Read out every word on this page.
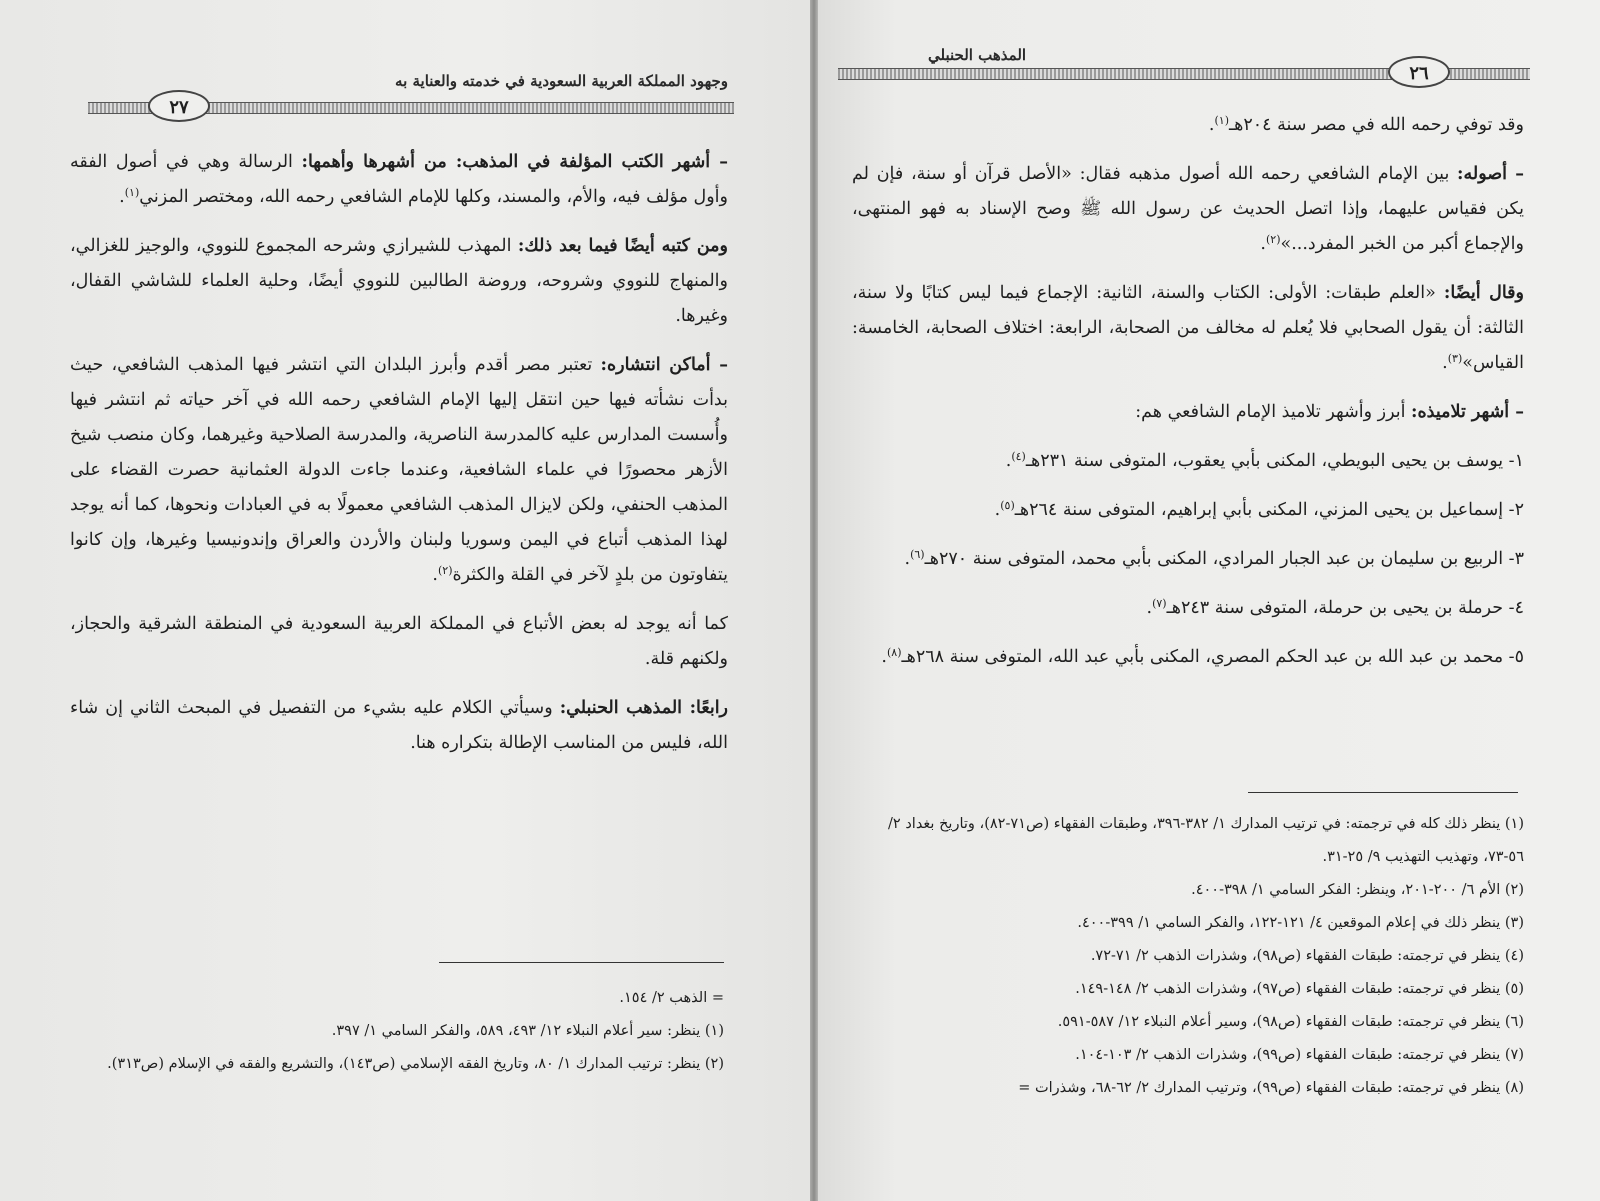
وجهود المملكة العربية السعودية في خدمته والعناية به
٢٧

– أشهر الكتب المؤلفة في المذهب: من أشهرها وأهمها: الرسالة وهي في أصول الفقه وأول مؤلف فيه، والأم، والمسند، وكلها للإمام الشافعي رحمه الله، ومختصر المزني$^{(١)}$.

ومن كتبه أيضًا فيما بعد ذلك: المهذب للشيرازي وشرحه المجموع للنووي، والوجيز للغزالي، والمنهاج للنووي وشروحه، وروضة الطالبين للنووي أيضًا، وحلية العلماء للشاشي القفال، وغيرها.

– أماكن انتشاره: تعتبر مصر أقدم وأبرز البلدان التي انتشر فيها المذهب الشافعي، حيث بدأت نشأته فيها حين انتقل إليها الإمام الشافعي رحمه الله في آخر حياته ثم انتشر فيها وأُسست المدارس عليه كالمدرسة الناصرية، والمدرسة الصلاحية وغيرهما، وكان منصب شيخ الأزهر محصورًا في علماء الشافعية، وعندما جاءت الدولة العثمانية حصرت القضاء على المذهب الحنفي، ولكن لايزال المذهب الشافعي معمولًا به في العبادات ونحوها، كما أنه يوجد لهذا المذهب أتباع في اليمن وسوريا ولبنان والأردن والعراق وإندونيسيا وغيرها، وإن كانوا يتفاوتون من بلدٍ لآخر في القلة والكثرة$^{(٢)}$.

كما أنه يوجد له بعض الأتباع في المملكة العربية السعودية في المنطقة الشرقية والحجاز، ولكنهم قلة.

رابعًا: المذهب الحنبلي: وسيأتي الكلام عليه بشيء من التفصيل في المبحث الثاني إن شاء الله، فليس من المناسب الإطالة بتكراره هنا.

= الذهب ٢/ ١٥٤.

(١) ينظر: سير أعلام النبلاء ١٢/ ٤٩٣، ٥٨٩، والفكر السامي ١/ ٣٩٧.

(٢) ينظر: ترتيب المدارك ١/ ٨٠، وتاريخ الفقه الإسلامي (ص١٤٣)، والتشريع والفقه في الإسلام (ص٣١٣).

المذهب الحنبلي
٢٦

وقد توفي رحمه الله في مصر سنة ٢٠٤هـ$^{(١)}$.

– أصوله: بين الإمام الشافعي رحمه الله أصول مذهبه فقال: «الأصل قرآن أو سنة، فإن لم يكن فقياس عليهما، وإذا اتصل الحديث عن رسول الله ﷺ وصح الإسناد به فهو المنتهى، والإجماع أكبر من الخبر المفرد...»$^{(٢)}$.

وقال أيضًا: «العلم طبقات: الأولى: الكتاب والسنة، الثانية: الإجماع فيما ليس كتابًا ولا سنة، الثالثة: أن يقول الصحابي فلا يُعلم له مخالف من الصحابة، الرابعة: اختلاف الصحابة، الخامسة: القياس»$^{(٣)}$.

– أشهر تلاميذه: أبرز وأشهر تلاميذ الإمام الشافعي هم:

١- يوسف بن يحيى البويطي، المكنى بأبي يعقوب، المتوفى سنة ٢٣١هـ$^{(٤)}$.

٢- إسماعيل بن يحيى المزني، المكنى بأبي إبراهيم، المتوفى سنة ٢٦٤هـ$^{(٥)}$.

٣- الربيع بن سليمان بن عبد الجبار المرادي، المكنى بأبي محمد، المتوفى سنة ٢٧٠هـ$^{(٦)}$.

٤- حرملة بن يحيى بن حرملة، المتوفى سنة ٢٤٣هـ$^{(٧)}$.

٥- محمد بن عبد الله بن عبد الحكم المصري، المكنى بأبي عبد الله، المتوفى سنة ٢٦٨هـ$^{(٨)}$.

(١) ينظر ذلك كله في ترجمته: في ترتيب المدارك ١/ ٣٨٢-٣٩٦، وطبقات الفقهاء (ص٧١-٨٢)، وتاريخ بغداد ٢/ ٥٦-٧٣، وتهذيب التهذيب ٩/ ٢٥-٣١.

(٢) الأم ٦/ ٢٠٠-٢٠١، وينظر: الفكر السامي ١/ ٣٩٨-٤٠٠.

(٣) ينظر ذلك في إعلام الموقعين ٤/ ١٢١-١٢٢، والفكر السامي ١/ ٣٩٩-٤٠٠.

(٤) ينظر في ترجمته: طبقات الفقهاء (ص٩٨)، وشذرات الذهب ٢/ ٧١-٧٢.

(٥) ينظر في ترجمته: طبقات الفقهاء (ص٩٧)، وشذرات الذهب ٢/ ١٤٨-١٤٩.

(٦) ينظر في ترجمته: طبقات الفقهاء (ص٩٨)، وسير أعلام النبلاء ١٢/ ٥٨٧-٥٩١.

(٧) ينظر في ترجمته: طبقات الفقهاء (ص٩٩)، وشذرات الذهب ٢/ ١٠٣-١٠٤.

(٨) ينظر في ترجمته: طبقات الفقهاء (ص٩٩)، وترتيب المدارك ٢/ ٦٢-٦٨، وشذرات =
